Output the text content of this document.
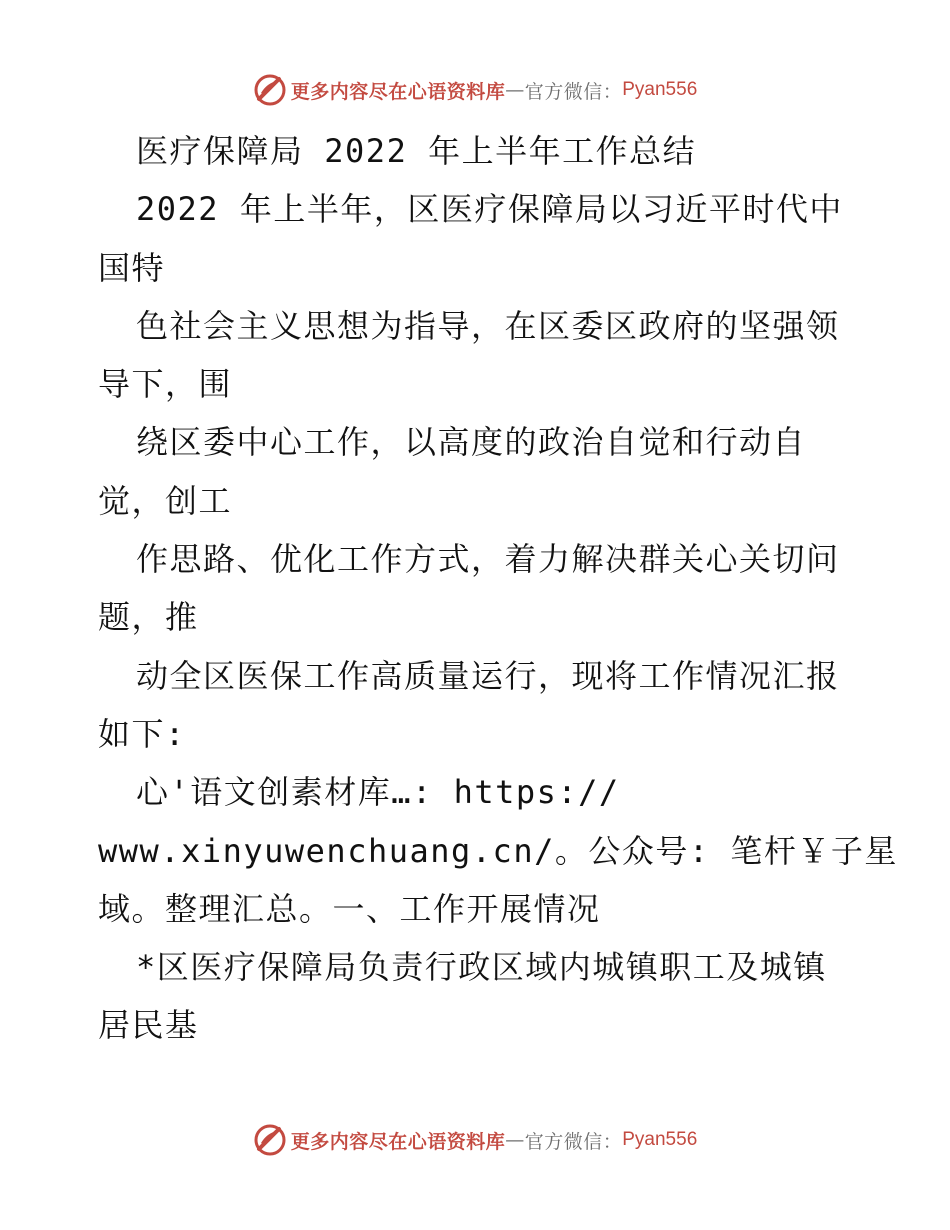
更多内容尽在心语资料库 — 官方微信： Pyan556
医疗保障局 2022 年上半年工作总结
2022 年上半年，区医疗保障局以习近平时代中
国特
色社会主义思想为指导，在区委区政府的坚强领
导下，围
绕区委中心工作，以高度的政治自觉和行动自
觉，创工
作思路、优化工作方式，着力解决群关心关切问
题，推
动全区医保工作高质量运行，现将工作情况汇报
如下:
心'语文创素材库…: https://
www.xinyuwenchuang.cn/。公众号: 笔杆￥子星
域。整理汇总。一、工作开展情况
*区医疗保障局负责行政区域内城镇职工及城镇
居民基
更多内容尽在心语资料库 — 官方微信： Pyan556
